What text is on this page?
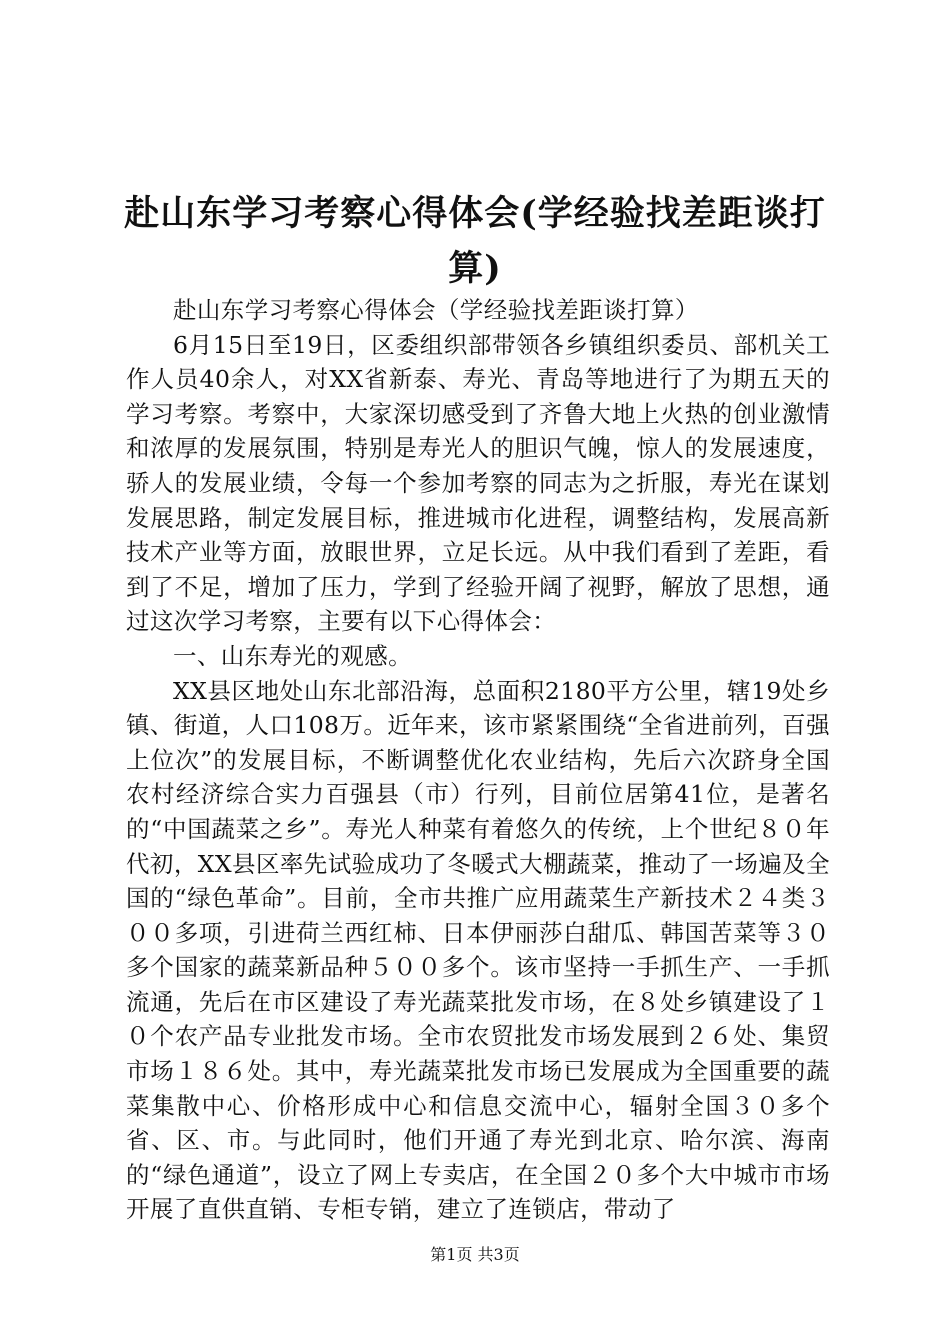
赴山东学习考察心得体会(学经验找差距谈打算)

赴山东学习考察心得体会（学经验找差距谈打算）

6月15日至19日，区委组织部带领各乡镇组织委员、部机关工作人员40余人，对XX省新泰、寿光、青岛等地进行了为期五天的学习考察。考察中，大家深切感受到了齐鲁大地上火热的创业激情和浓厚的发展氛围，特别是寿光人的胆识气魄，惊人的发展速度，骄人的发展业绩，令每一个参加考察的同志为之折服，寿光在谋划发展思路，制定发展目标，推进城市化进程，调整结构，发展高新技术产业等方面，放眼世界，立足长远。从中我们看到了差距，看到了不足，增加了压力，学到了经验开阔了视野，解放了思想，通过这次学习考察，主要有以下心得体会：

一、山东寿光的观感。

XX县区地处山东北部沿海，总面积2180平方公里，辖19处乡镇、街道，人口108万。近年来，该市紧紧围绕“全省进前列，百强上位次”的发展目标，不断调整优化农业结构，先后六次跻身全国农村经济综合实力百强县（市）行列，目前位居第41位，是著名的“中国蔬菜之乡”。寿光人种菜有着悠久的传统，上个世纪８０年代初，XX县区率先试验成功了冬暖式大棚蔬菜，推动了一场遍及全国的“绿色革命”。目前，全市共推广应用蔬菜生产新技术２４类３００多项，引进荷兰西红柿、日本伊丽莎白甜瓜、韩国苦菜等３０多个国家的蔬菜新品种５００多个。该市坚持一手抓生产、一手抓流通，先后在市区建设了寿光蔬菜批发市场，在８处乡镇建设了１０个农产品专业批发市场。全市农贸批发市场发展到２６处、集贸市场１８６处。其中，寿光蔬菜批发市场已发展成为全国重要的蔬菜集散中心、价格形成中心和信息交流中心，辐射全国３０多个省、区、市。与此同时，他们开通了寿光到北京、哈尔滨、海南的“绿色通道”，设立了网上专卖店，在全国２０多个大中城市市场开展了直供直销、专柜专销，建立了连锁店，带动了

第1页 共3页
